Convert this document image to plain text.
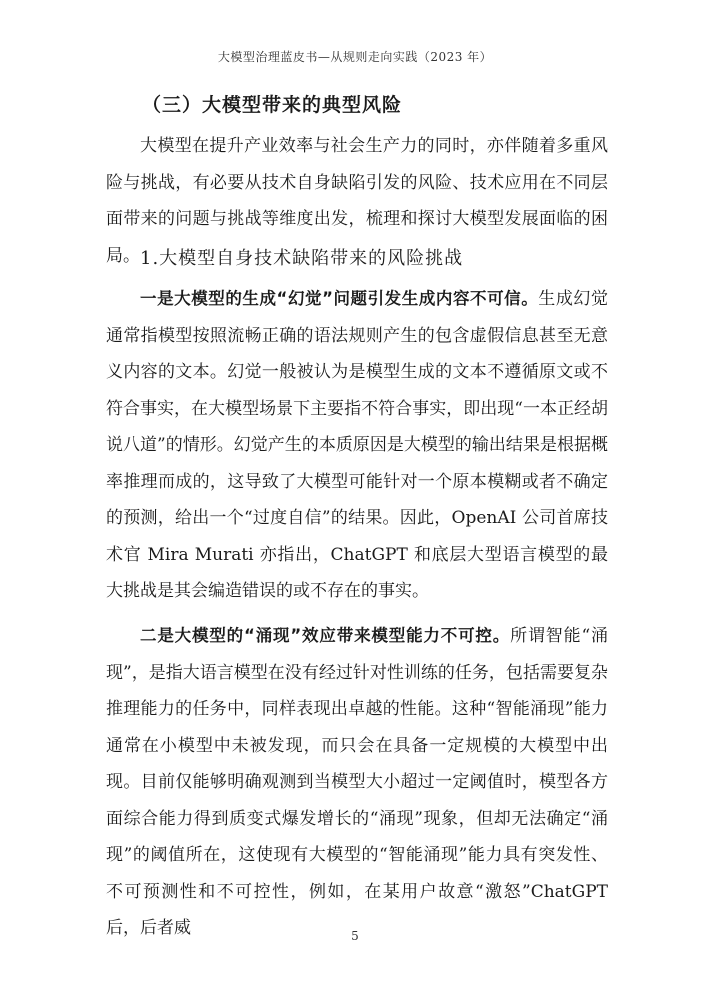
大模型治理蓝皮书—从规则走向实践（2023 年）
（三）大模型带来的典型风险

大模型在提升产业效率与社会生产力的同时，亦伴随着多重风险与挑战，有必要从技术自身缺陷引发的风险、技术应用在不同层面带来的问题与挑战等维度出发，梳理和探讨大模型发展面临的困局。 1.大模型自身技术缺陷带来的风险挑战

一是大模型的生成“幻觉”问题引发生成内容不可信。生成幻觉通常指模型按照流畅正确的语法规则产生的包含虚假信息甚至无意义内容的文本。幻觉一般被认为是模型生成的文本不遵循原文或不符合事实，在大模型场景下主要指不符合事实，即出现“一本正经胡说八道”的情形。幻觉产生的本质原因是大模型的输出结果是根据概率推理而成的，这导致了大模型可能针对一个原本模糊或者不确定的预测，给出一个“过度自信”的结果。因此，OpenAI 公司首席技术官 Mira Murati 亦指出，ChatGPT 和底层大型语言模型的最大挑战是其会编造错误的或不存在的事实。

二是大模型的“涌现”效应带来模型能力不可控。所谓智能“涌现”，是指大语言模型在没有经过针对性训练的任务，包括需要复杂推理能力的任务中，同样表现出卓越的性能。这种“智能涌现”能力通常在小模型中未被发现，而只会在具备一定规模的大模型中出现。目前仅能够明确观测到当模型大小超过一定阈值时，模型各方面综合能力得到质变式爆发增长的“涌现”现象，但却无法确定“涌现”的阈值所在，这使现有大模型的“智能涌现”能力具有突发性、不可预测性和不可控性，例如，在某用户故意“激怒”ChatGPT 后，后者威	5
